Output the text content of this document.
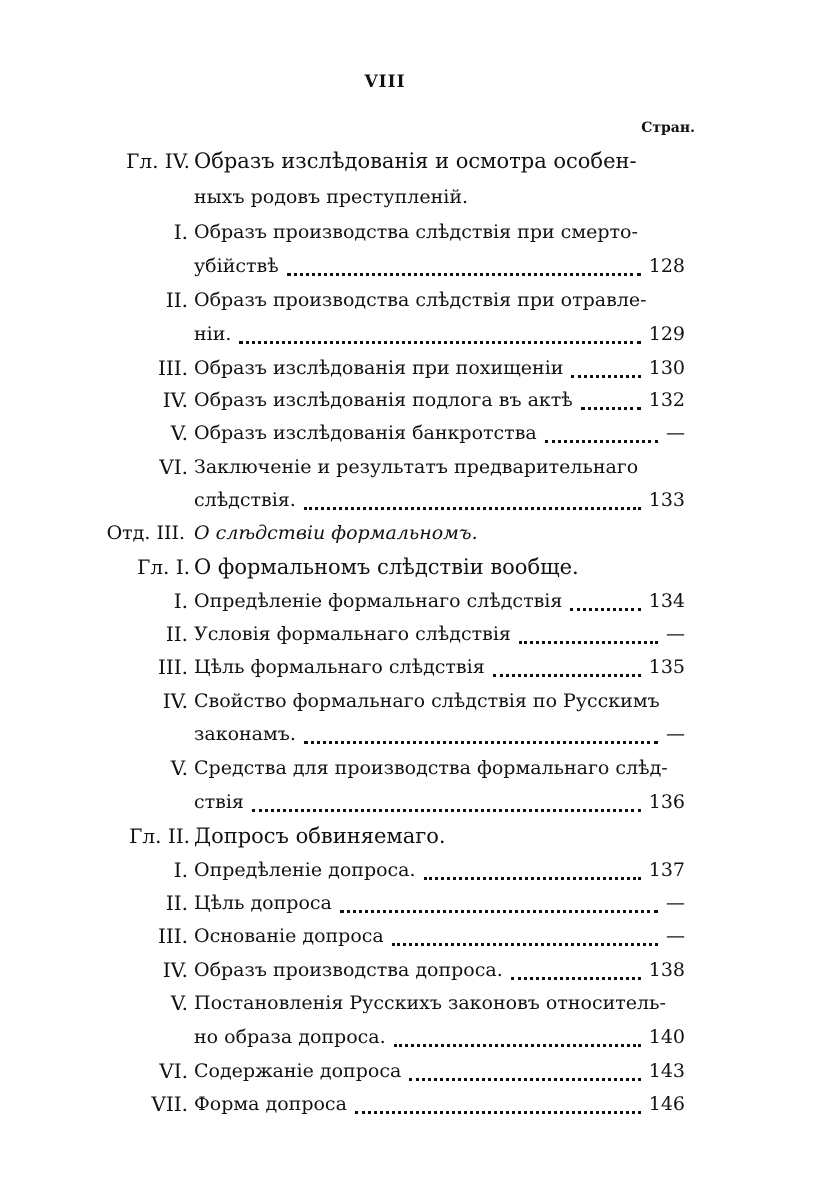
VIII
Стран.
Гл. IV. Образъ изслѣдованія и осмотра особен-
ныхъ родовъ преступленій.
I. Образъ производства слѣдствія при смерто-
убійствѣ	128
II. Образъ производства слѣдствія при отравле-
ніи.	129
III. Образъ изслѣдованія при похищеніи	130
IV. Образъ изслѣдованія подлога въ актѣ	132
V. Образъ изслѣдованія банкротства	—
VI. Заключеніе и результатъ предварительнаго
слѣдствія.	133
Отд. III. О слѣдствіи формальномъ.
Гл. I. О формальномъ слѣдствіи вообще.
I. Опредѣленіе формальнаго слѣдствія	134
II. Условія формальнаго слѣдствія	—
III. Цѣль формальнаго слѣдствія	135
IV. Свойство формальнаго слѣдствія по Русскимъ
законамъ.	—
V. Средства для производства формальнаго слѣд-
ствія	136
Гл. II. Допросъ обвиняемаго.
I. Опредѣленіе допроса.	137
II. Цѣль допроса	—
III. Основаніе допроса	—
IV. Образъ производства допроса.	138
V. Постановленія Русскихъ законовъ относитель-
но образа допроса.	140
VI. Содержаніе допроса	143
VII. Форма допроса	146
